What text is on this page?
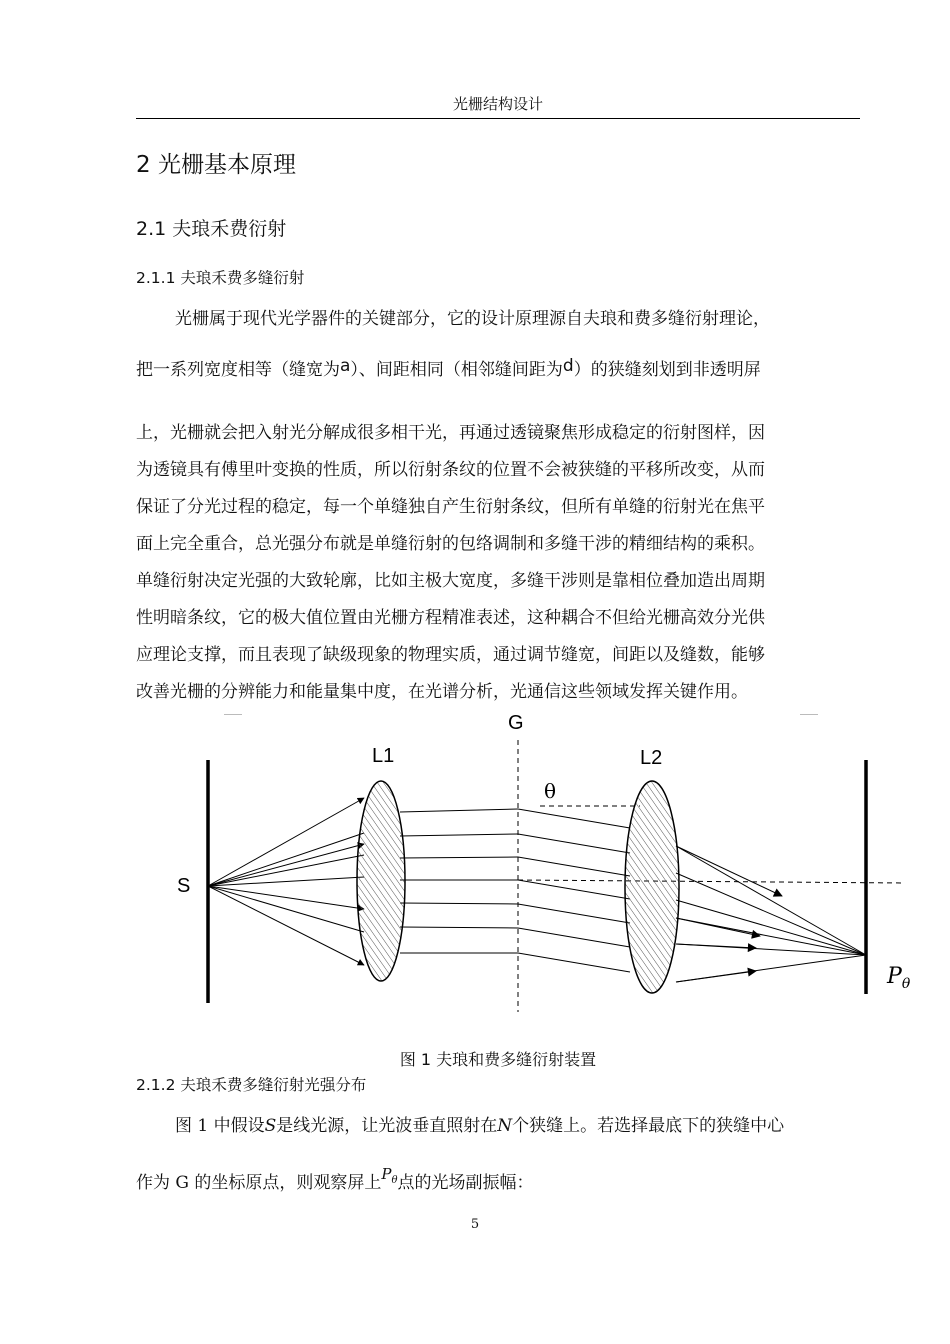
光栅结构设计
2 光栅基本原理
2.1 夫琅禾费衍射
2.1.1 夫琅禾费多缝衍射
光栅属于现代光学器件的关键部分，它的设计原理源自夫琅和费多缝衍射理论，
把一系列宽度相等（缝宽为a）、间距相同（相邻缝间距为d）的狭缝刻划到非透明屏
上，光栅就会把入射光分解成很多相干光，再通过透镜聚焦形成稳定的衍射图样，因
为透镜具有傅里叶变换的性质，所以衍射条纹的位置不会被狭缝的平移所改变，从而
保证了分光过程的稳定，每一个单缝独自产生衍射条纹，但所有单缝的衍射光在焦平
面上完全重合，总光强分布就是单缝衍射的包络调制和多缝干涉的精细结构的乘积。
单缝衍射决定光强的大致轮廓，比如主极大宽度，多缝干涉则是靠相位叠加造出周期
性明暗条纹，它的极大值位置由光栅方程精准表述，这种耦合不但给光栅高效分光供
应理论支撑，而且表现了缺级现象的物理实质，通过调节缝宽，间距以及缝数，能够
改善光栅的分辨能力和能量集中度，在光谱分析，光通信这些领域发挥关键作用。
G
L1	L2
θ
S
$P_\theta$
图 1 夫琅和费多缝衍射装置
2.1.2 夫琅禾费多缝衍射光强分布
图 1 中假设S是线光源，让光波垂直照射在N个狭缝上。若选择最底下的狭缝中心
作为 G 的坐标原点，则观察屏上$P_\theta$点的光场副振幅：
5
